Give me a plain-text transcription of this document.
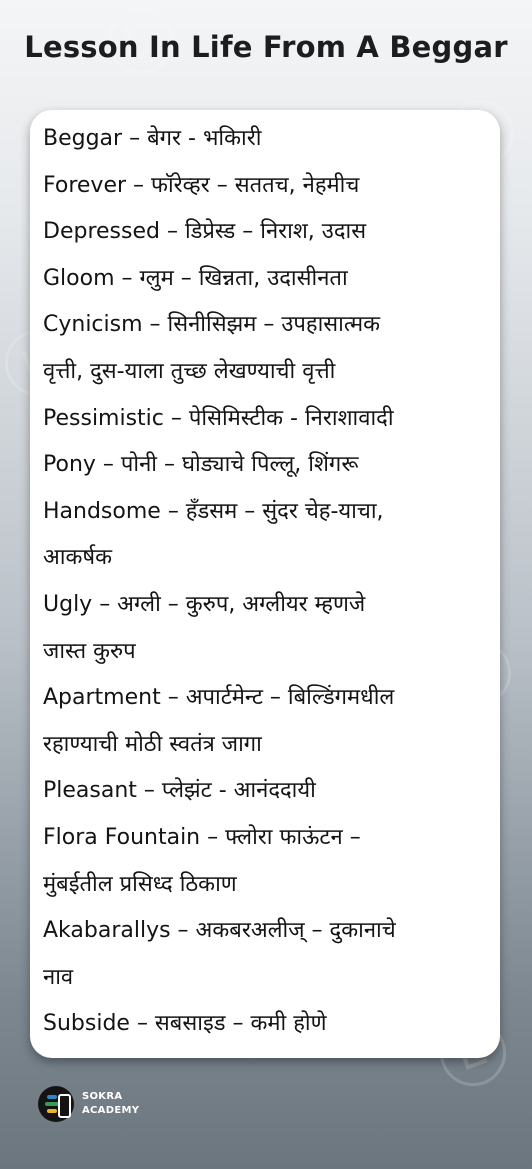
Lesson In Life From A Beggar
Beggar – बेगर - भकिारी
Forever – फॉरेव्हर – सततच, नेहमीच
Depressed – डिप्रेस्ड – निराश, उदास
Gloom – ग्लुम – खिन्नता, उदासीनता
Cynicism – सिनीसिझम – उपहासात्मक
वृत्ती, दुस-याला तुच्छ लेखण्याची वृत्ती
Pessimistic – पेसिमिस्टीक - निराशावादी
Pony – पोनी – घोड्याचे पिल्लू, शिंगरू
Handsome – हँडसम – सुंदर चेह-याचा,
आकर्षक
Ugly – अग्ली – कुरुप, अग्लीयर म्हणजे
जास्त कुरुप
Apartment – अपार्टमेन्ट – बिल्डिंगमधील
रहाण्याची मोठी स्वतंत्र जागा
Pleasant – प्लेझंट - आनंददायी
Flora Fountain – फ्लोरा फाऊंटन –
मुंबईतील प्रसिध्द ठिकाण
Akabarallys – अकबरअलीज् – दुकानाचे
नाव
Subside – सबसाइड – कमी होणे
SOKRA
ACADEMY
